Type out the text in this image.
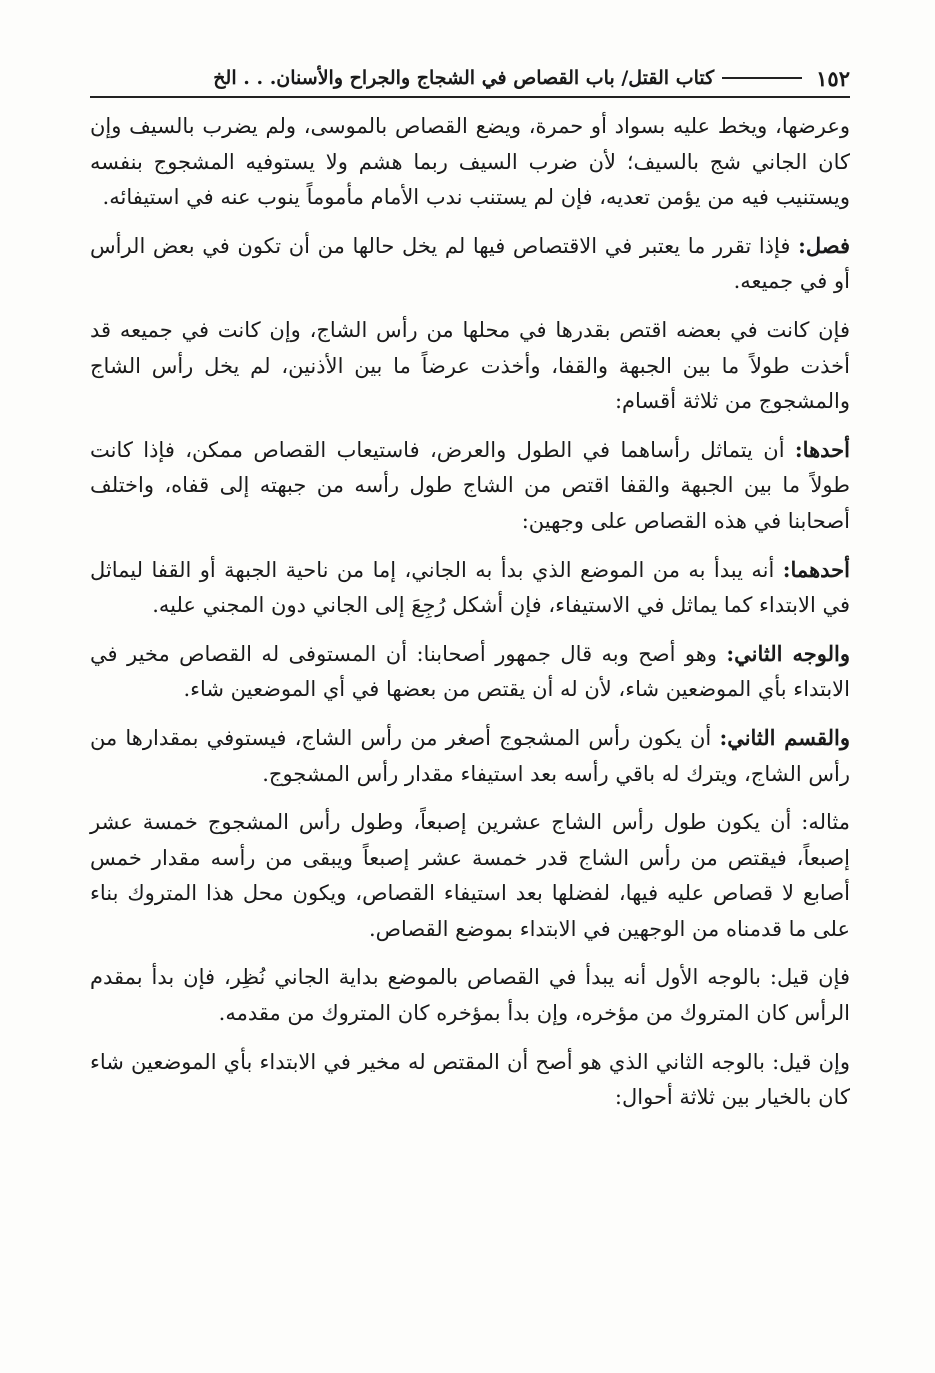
١٥٢
كتاب القتل/ باب القصاص في الشجاج والجراح والأسنان. . . الخ

وعرضها، ويخط عليه بسواد أو حمرة، ويضع القصاص بالموسى، ولم يضرب بالسيف وإن كان الجاني شج بالسيف؛ لأن ضرب السيف ربما هشم ولا يستوفيه المشجوج بنفسه ويستنيب فيه من يؤمن تعديه، فإن لم يستنب ندب الأمام مأموماً ينوب عنه في استيفائه.

فصل: فإذا تقرر ما يعتبر في الاقتصاص فيها لم يخل حالها من أن تكون في بعض الرأس أو في جميعه.

فإن كانت في بعضه اقتص بقدرها في محلها من رأس الشاج، وإن كانت في جميعه قد أخذت طولاً ما بين الجبهة والقفا، وأخذت عرضاً ما بين الأذنين، لم يخل رأس الشاج والمشجوج من ثلاثة أقسام:

أحدها: أن يتماثل رأساهما في الطول والعرض، فاستيعاب القصاص ممكن، فإذا كانت طولاً ما بين الجبهة والقفا اقتص من الشاج طول رأسه من جبهته إلى قفاه، واختلف أصحابنا في هذه القصاص على وجهين:

أحدهما: أنه يبدأ به من الموضع الذي بدأ به الجاني، إما من ناحية الجبهة أو القفا ليماثل في الابتداء كما يماثل في الاستيفاء، فإن أشكل رُجِعَ إلى الجاني دون المجني عليه.

والوجه الثاني: وهو أصح وبه قال جمهور أصحابنا: أن المستوفى له القصاص مخير في الابتداء بأي الموضعين شاء، لأن له أن يقتص من بعضها في أي الموضعين شاء.

والقسم الثاني: أن يكون رأس المشجوج أصغر من رأس الشاج، فيستوفي بمقدارها من رأس الشاج، ويترك له باقي رأسه بعد استيفاء مقدار رأس المشجوج.

مثاله: أن يكون طول رأس الشاج عشرين إصبعاً، وطول رأس المشجوج خمسة عشر إصبعاً، فيقتص من رأس الشاج قدر خمسة عشر إصبعاً ويبقى من رأسه مقدار خمس أصابع لا قصاص عليه فيها، لفضلها بعد استيفاء القصاص، ويكون محل هذا المتروك بناء على ما قدمناه من الوجهين في الابتداء بموضع القصاص.

فإن قيل: بالوجه الأول أنه يبدأ في القصاص بالموضع بداية الجاني نُظِر، فإن بدأ بمقدم الرأس كان المتروك من مؤخره، وإن بدأ بمؤخره كان المتروك من مقدمه.

وإن قيل: بالوجه الثاني الذي هو أصح أن المقتص له مخير في الابتداء بأي الموضعين شاء كان بالخيار بين ثلاثة أحوال:
